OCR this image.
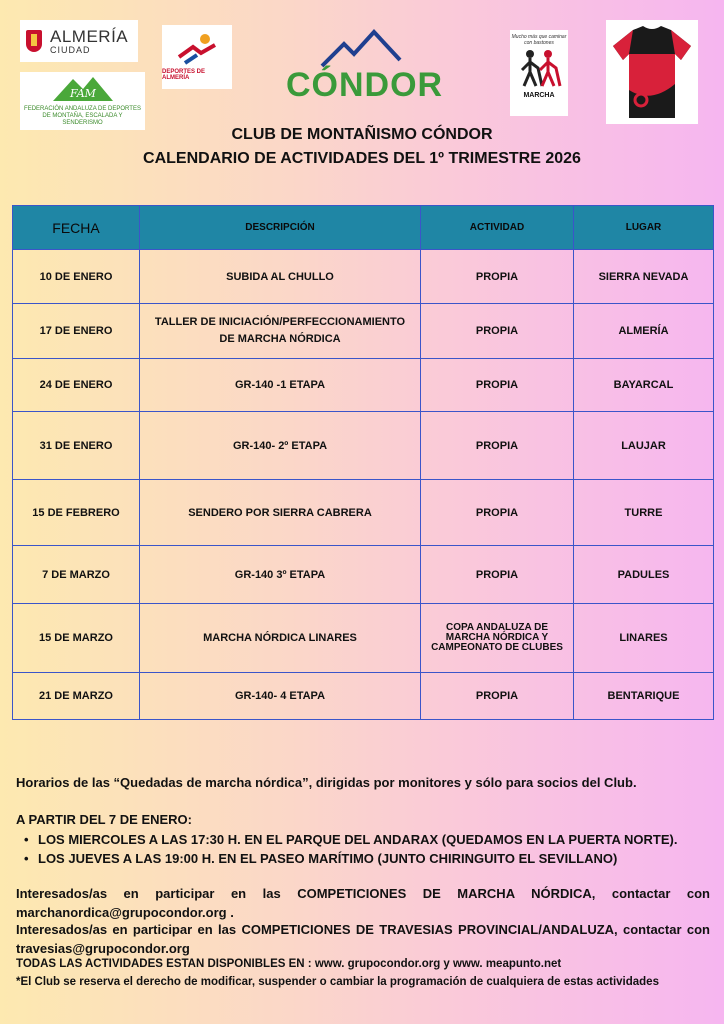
ALMERÍA
CIUDAD
FAM
FEDERACIÓN ANDALUZA DE DEPORTES DE MONTAÑA, ESCALADA Y SENDERISMO
DEPORTES DE ALMERÍA	CÓNDOR
Mucho más que caminar con bastones
MARCHA
CLUB DE MONTAÑISMO CÓNDOR
CALENDARIO DE ACTIVIDADES DEL 1º TRIMESTRE 2026
FECHA	DESCRIPCIÓN	ACTIVIDAD	LUGAR
10 DE ENERO	SUBIDA AL CHULLO	PROPIA	SIERRA NEVADA
17 DE ENERO	TALLER DE INICIACIÓN/PERFECCIONAMIENTO DE MARCHA NÓRDICA	PROPIA	ALMERÍA
24 DE ENERO	GR-140 -1 ETAPA	PROPIA	BAYARCAL
31 DE ENERO	GR-140- 2º ETAPA	PROPIA	LAUJAR
15 DE FEBRERO	SENDERO POR SIERRA CABRERA	PROPIA	TURRE
7 DE MARZO	GR-140 3º ETAPA	PROPIA	PADULES
15 DE MARZO	MARCHA NÓRDICA LINARES	COPA ANDALUZA DE MARCHA NÓRDICA Y CAMPEONATO DE CLUBES	LINARES
21 DE MARZO	GR-140- 4 ETAPA	PROPIA	BENTARIQUE
Horarios de las “Quedadas de marcha nórdica”, dirigidas por monitores y sólo para socios del Club.
A PARTIR DEL 7 DE ENERO:
• LOS MIERCOLES A LAS 17:30 H. EN EL PARQUE DEL ANDARAX (QUEDAMOS EN LA PUERTA NORTE).
• LOS JUEVES A LAS 19:00 H. EN EL PASEO MARÍTIMO (JUNTO CHIRINGUITO EL SEVILLANO)
Interesados/as en participar en las COMPETICIONES DE MARCHA NÓRDICA, contactar con marchanordica@grupocondor.org .
Interesados/as en participar en las COMPETICIONES DE TRAVESIAS PROVINCIAL/ANDALUZA, contactar con travesias@grupocondor.org
TODAS LAS ACTIVIDADES ESTAN DISPONIBLES EN : www. grupocondor.org y www. meapunto.net
*El Club se reserva el derecho de modificar, suspender o cambiar la programación de cualquiera de estas actividades
